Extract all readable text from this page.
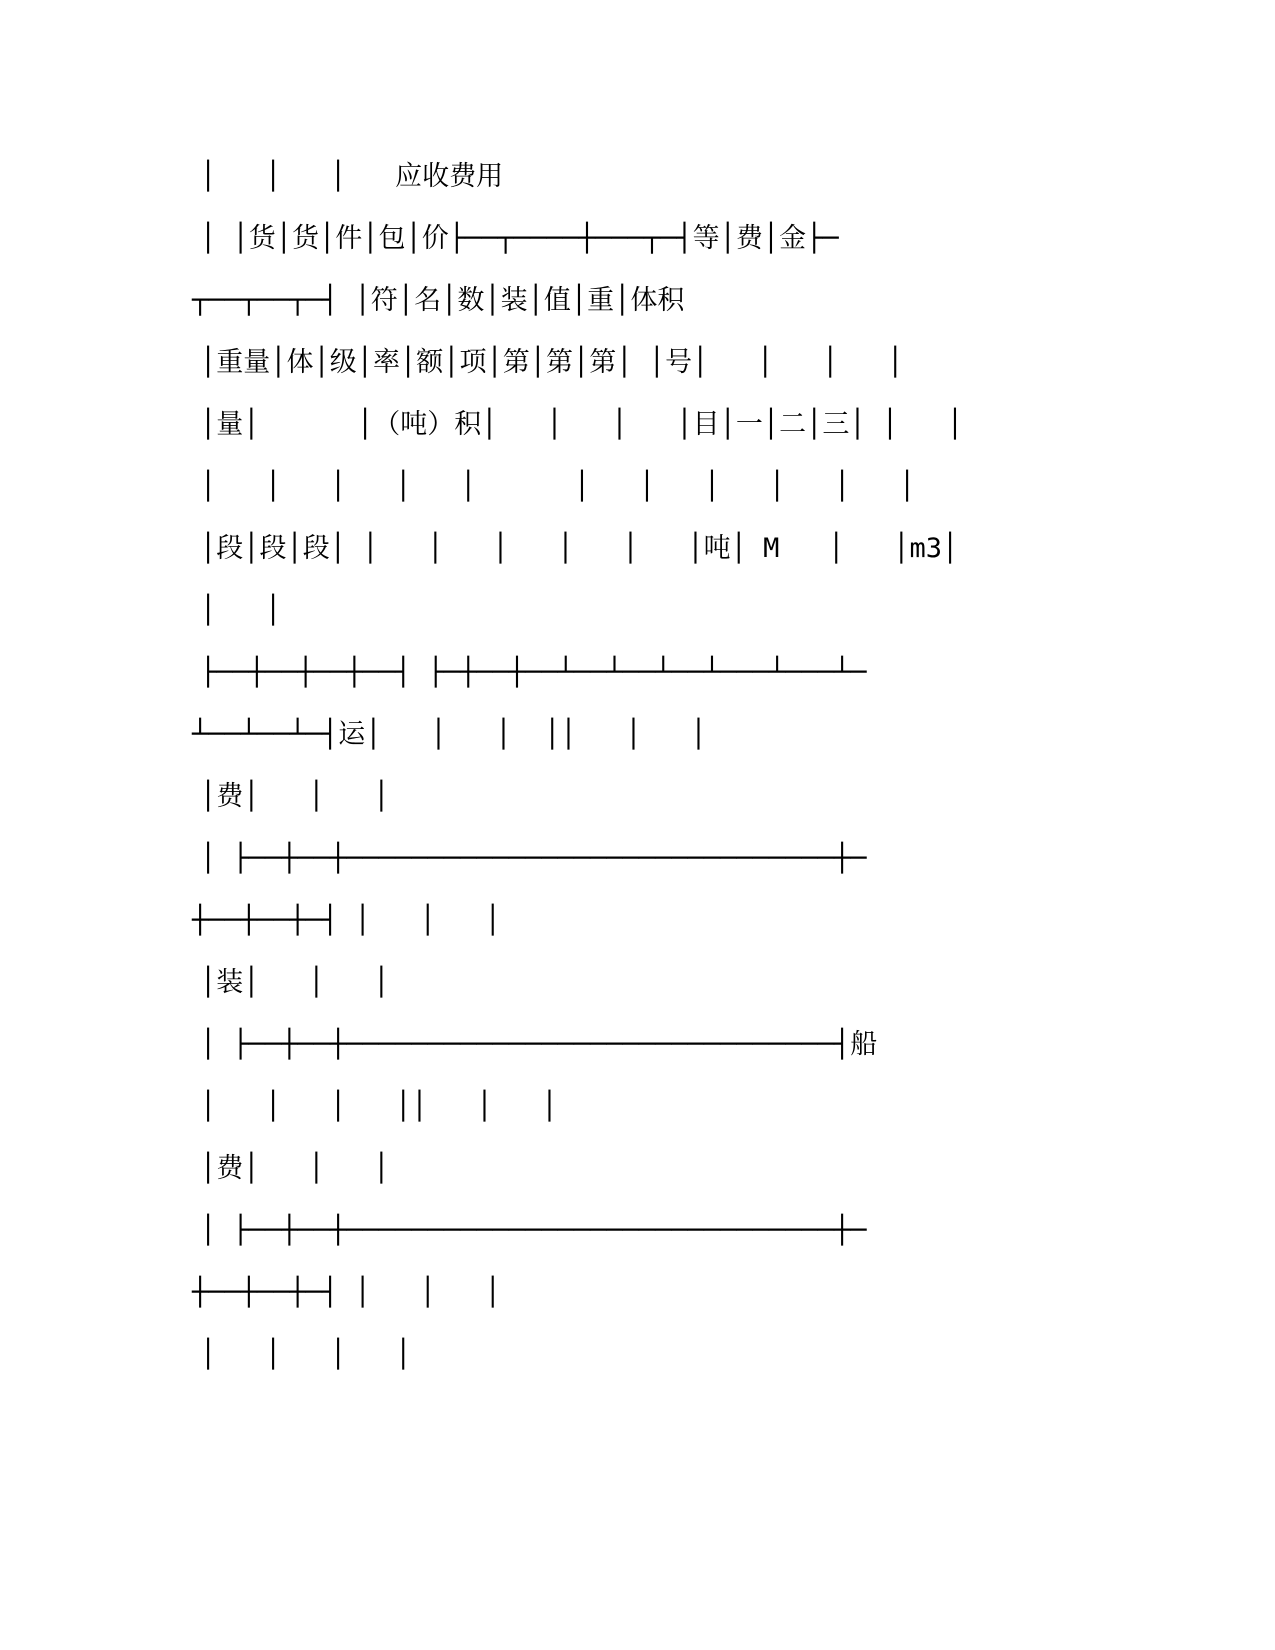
│   │   │   应收费用

│ │货│货│件│包│价├──┬────┼───┬─┤等│费│金├─

┬──┬──┬─┤ │符│名│数│装│值│重│体积

│重量│体│级│率│额│项│第│第│第│ │号│   │   │   │

│量│      │（吨）积│   │   │   │目│一│二│三│ │   │

│   │   │   │   │      │   │   │   │   │   │

│段│段│段│ │   │   │   │   │   │吨│ M   │   │m3│

│   │

├──┼──┼──┼──┤ ├─┼──┼──┴──┴──┴──┴───┴───┴─

┴──┴──┴─┤运│   │   │  ││   │   │

│费│   │   │

│ ├──┼──┼──────────────────────────────┼─

┼──┼──┼─┤ │   │   │

│装│   │   │

│ ├──┼──┼──────────────────────────────┤船

│   │   │   ││   │   │

│费│   │   │

│ ├──┼──┼──────────────────────────────┼─

┼──┼──┼─┤ │   │   │

│   │   │   │
